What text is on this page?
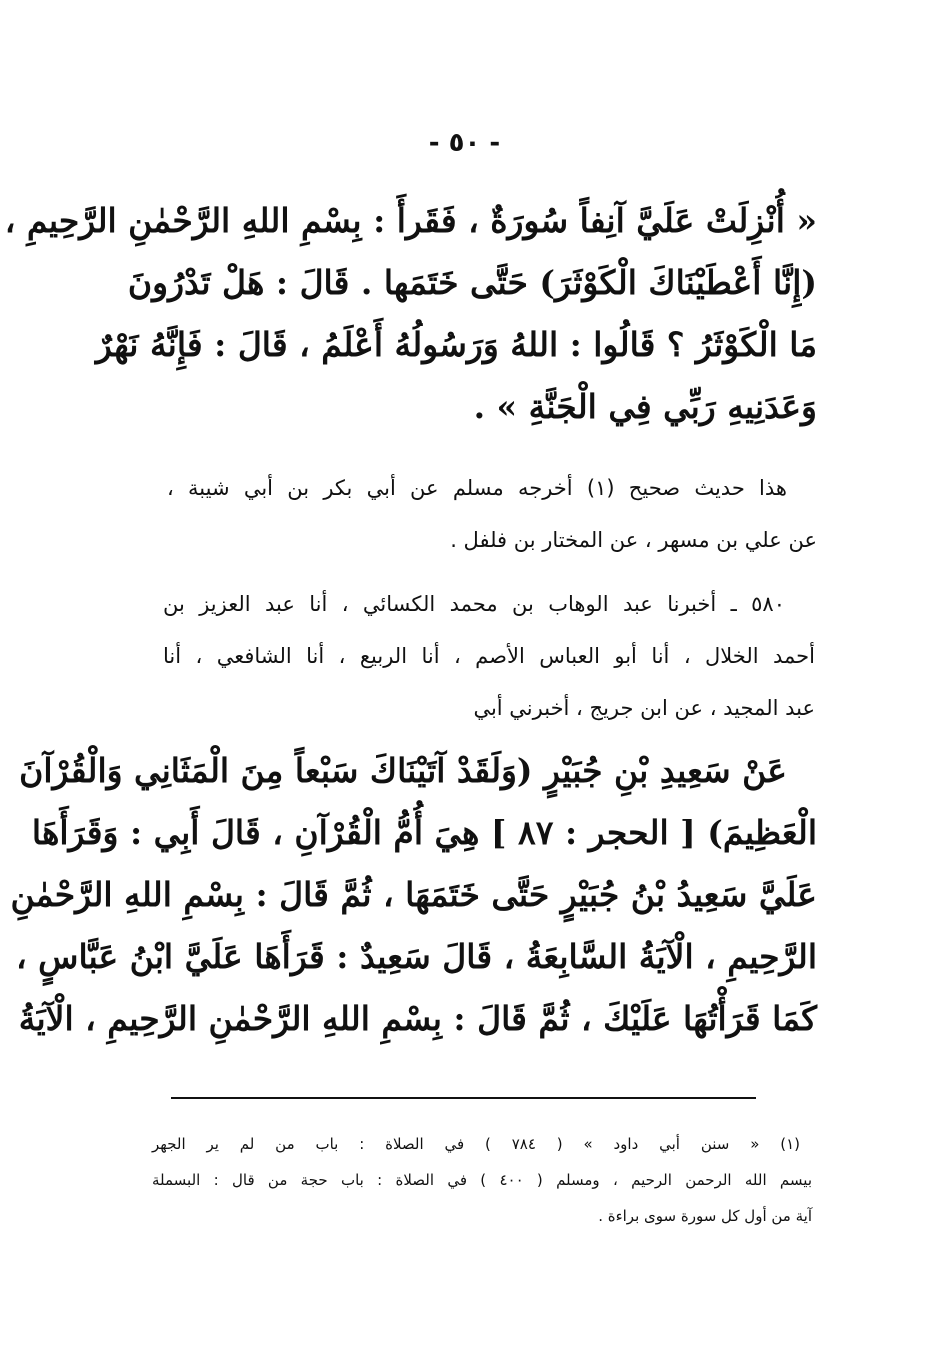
- ٥٠ -
« أُنْزِلَتْ عَلَيَّ آنِفاً سُورَةٌ ، فَقَرأَ : بِسْمِ اللهِ الرَّحْمٰنِ الرَّحِيمِ ،
(إِنَّا أَعْطَيْنَاكَ الْكَوْثَرَ) حَتَّى خَتَمَها . قَالَ : هَلْ تَدْرُونَ
مَا الْكَوْثَرُ ؟ قَالُوا : اللهُ وَرَسُولُهُ أَعْلَمُ ، قَالَ : فَإِنَّهُ نَهْرٌ
وَعَدَنِيهِ رَبِّي فِي الْجَنَّةِ » .
هذا حديث صحيح (١) أخرجه مسلم عن أبي بكر بن أبي شيبة ،
عن علي بن مسهر ، عن المختار بن فلفل .
٥٨٠ ـ أخبرنا عبد الوهاب بن محمد الكسائي ، أنا عبد العزيز بن
أحمد الخلال ، أنا أبو العباس الأصم ، أنا الربيع ، أنا الشافعي ، أنا
عبد المجيد ، عن ابن جريج ، أخبرني أبي
عَنْ سَعِيدِ بْنِ جُبَيْرٍ (وَلَقَدْ آتَيْنَاكَ سَبْعاً مِنَ الْمَثَانِي وَالْقُرْآنَ
الْعَظِيمَ) [ الحجر : ٨٧ ] هِيَ أُمُّ الْقُرْآنِ ، قَالَ أَبِي : وَقَرَأَهَا
عَلَيَّ سَعِيدُ بْنُ جُبَيْرٍ حَتَّى خَتَمَهَا ، ثُمَّ قَالَ : بِسْمِ اللهِ الرَّحْمٰنِ
الرَّحِيمِ ، الْآيَةُ السَّابِعَةُ ، قَالَ سَعِيدٌ : قَرَأَهَا عَلَيَّ ابْنُ عَبَّاسٍ ،
كَمَا قَرَأْتُهَا عَلَيْكَ ، ثُمَّ قَالَ : بِسْمِ اللهِ الرَّحْمٰنِ الرَّحِيمِ ، الْآيَةُ
(١) « سنن أبي داود » ( ٧٨٤ ) في الصلاة : باب من لم ير الجهر
بيسم الله الرحمن الرحيم ، ومسلم ( ٤٠٠ ) في الصلاة : باب حجة من قال : البسملة
آية من أول كل سورة سوى براءة .
